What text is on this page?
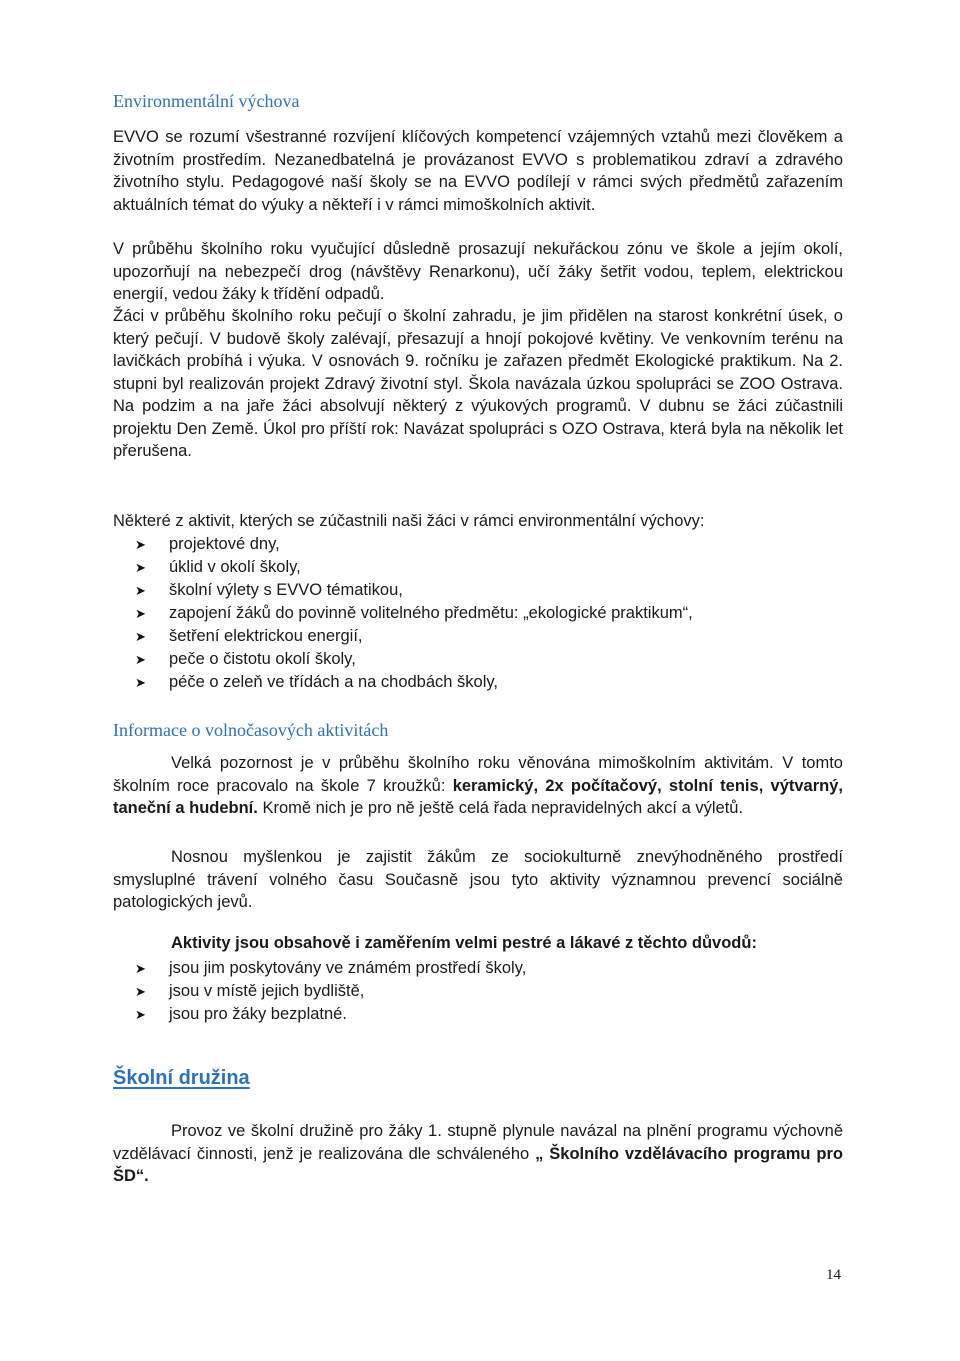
Environmentální výchova

EVVO se rozumí všestranné rozvíjení klíčových kompetencí vzájemných vztahů mezi člověkem a životním prostředím. Nezanedbatelná je provázanost EVVO s problematikou zdraví a zdravého životního stylu. Pedagogové naší školy se na EVVO podílejí v rámci svých předmětů zařazením aktuálních témat do výuky a někteří i v rámci mimoškolních aktivit.

V průběhu školního roku vyučující důsledně prosazují nekuřáckou zónu ve škole a jejím okolí, upozorňují na nebezpečí drog (návštěvy Renarkonu), učí žáky šetřit vodou, teplem, elektrickou energií, vedou žáky k třídění odpadů.

Žáci v průběhu školního roku pečují o školní zahradu, je jim přidělen na starost konkrétní úsek, o který pečují. V budově školy zalévají, přesazují a hnojí pokojové květiny. Ve venkovním terénu na lavičkách probíhá i výuka. V osnovách 9. ročníku je zařazen předmět Ekologické praktikum. Na 2. stupni byl realizován projekt Zdravý životní styl. Škola navázala úzkou spolupráci se ZOO Ostrava. Na podzim a na jaře žáci absolvují některý z výukových programů. V dubnu se žáci zúčastnili projektu Den Země. Úkol pro příští rok: Navázat spolupráci s OZO Ostrava, která byla na několik let přerušena.

Některé z aktivit, kterých se zúčastnili naši žáci v rámci environmentální výchovy:

➤	projektové dny,
➤	úklid v okolí školy,
➤	školní výlety s EVVO tématikou,
➤	zapojení žáků do povinně volitelného předmětu: „ekologické praktikum“,
➤	šetření elektrickou energií,
➤	peče o čistotu okolí školy,
➤	péče o zeleň ve třídách a na chodbách školy,
Informace o volnočasových aktivitách

Velká pozornost je v průběhu školního roku věnována mimoškolním aktivitám. V tomto školním roce pracovalo na škole 7 kroužků: keramický, 2x počítačový, stolní tenis, výtvarný, taneční a hudební. Kromě nich je pro ně ještě celá řada nepravidelných akcí a výletů.

Nosnou myšlenkou je zajistit žákům ze sociokulturně znevýhodněného prostředí smysluplné trávení volného času Současně jsou tyto aktivity významnou prevencí sociálně patologických jevů.

Aktivity jsou obsahově i zaměřením velmi pestré a lákavé z těchto důvodů:

➤	jsou jim poskytovány ve známém prostředí školy,
➤	jsou v místě jejich bydliště,
➤	jsou pro žáky bezplatné.

Školní družina

Provoz ve školní družině pro žáky 1. stupně plynule navázal na plnění programu výchovně vzdělávací činnosti, jenž je realizována dle schváleného „ Školního vzdělávacího programu pro ŠD“.

14
